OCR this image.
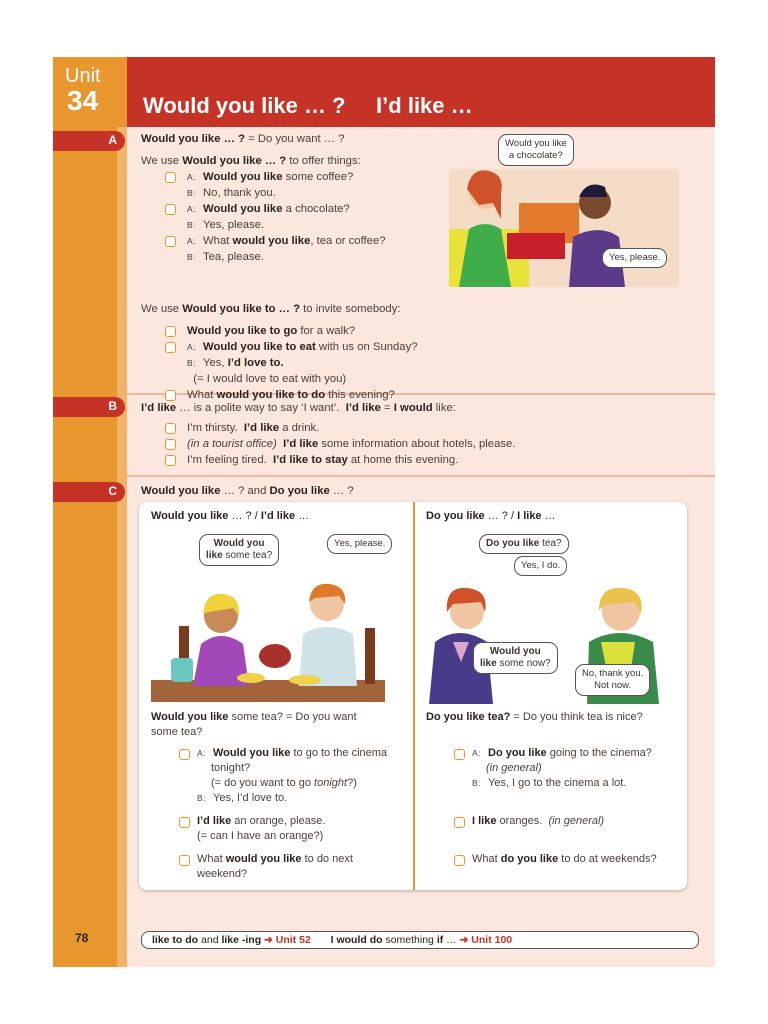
Unit
34 Would you like … ?     I’d like …
A
B
C

Would you like … ? = Do you want … ?

We use Would you like … ? to offer things:

A: Would you like some coffee?
B: No, thank you.
A: Would you like a chocolate?
B: Yes, please.
A: What would you like, tea or coffee?
B: Tea, please.

We use Would you like to … ? to invite somebody:

Would you like to go for a walk?
A: Would you like to eat with us on Sunday?
B: Yes, I’d love to.  (= I would love to eat with you)
What would you like to do this evening?
Would you like
a chocolate?
Yes, please.

I’d like … is a polite way to say ‘I want’.  I’d like = I would like:

I’m thirsty.  I’d like a drink.
(in a tourist office) I’d like some information about hotels, please.
I’m feeling tired.  I’d like to stay at home this evening.

Would you like … ? and Do you like … ?

Would you like … ? / I’d like …	Do you like … ? / I like …
Would you
like some tea?
Yes, please.	Do you like tea?
Yes, I do.
Would you
like some now?
No, thank you.
Not now.
Would you like some tea? = Do you want
some tea?
A: Would you like to go to the cinema
tonight?
(= do you want to go tonight?)
B: Yes, I’d love to.
I’d like an orange, please.
(= can I have an orange?)
What would you like to do next
weekend?
Do you like tea? = Do you think tea is nice?
A: Do you like going to the cinema?
(in general)
B: Yes, I go to the cinema a lot.
I like oranges.  (in general)
What do you like to do at weekends?
78	like to do and like -ing ➜ Unit 52 I would do something if … ➜ Unit 100
